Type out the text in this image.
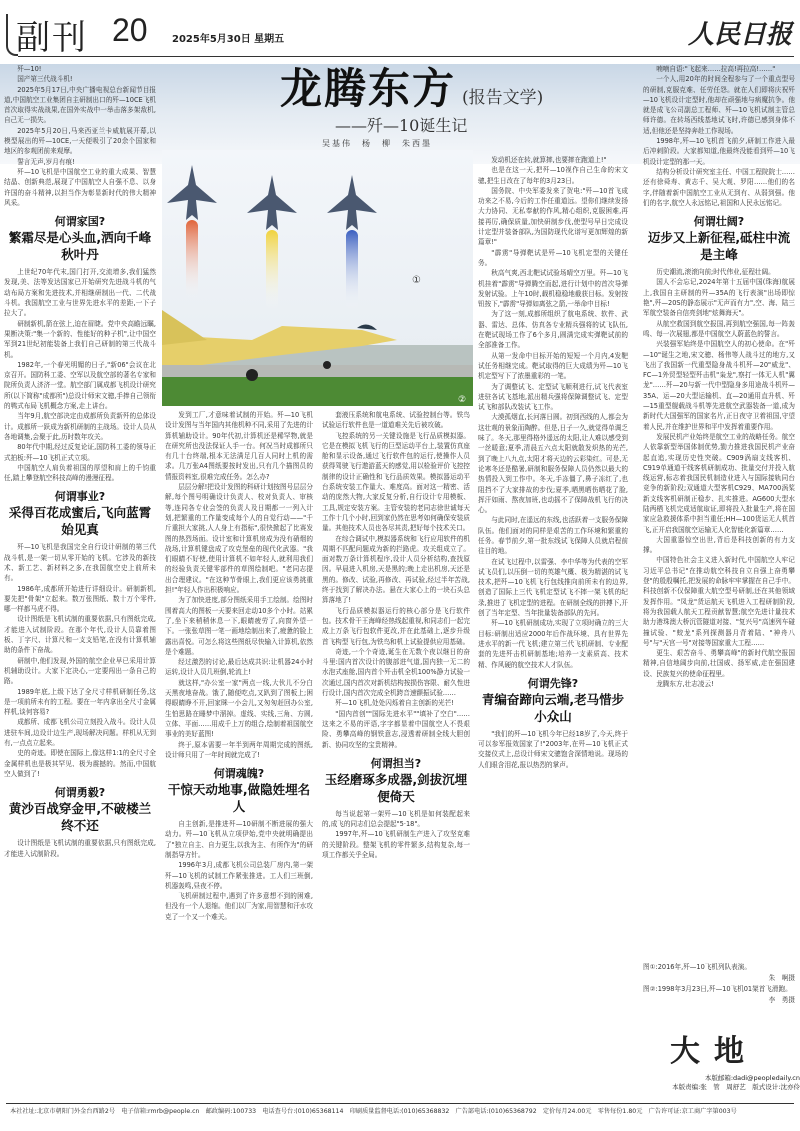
副刊 20 2025年5月30日 星期五	人民日报
龙腾东方 (报告文学)
——歼—10诞生记
吴基伟　杨　柳　朱西墨
①
②

歼—10!

国产第三代战斗机!

2025年5月17日,中央广播电视总台新闻节目报道,中国航空工业集团自主研制出口的歼—10CE飞机首次取得实战战果,在国外实战中一举击落多架敌机,自己无一损失。

2025年5月20日,马来西亚兰卡威航展开幕,以模型展出的歼—10CE,一天便吸引了20余个国家和地区的参观团前来观摩。

誓言无声,岁月有痕!

歼—10飞机是中国航空工业的重大成果、智慧结晶、创新典范,展现了中国航空人自强不息、以身许国的奋斗精神,以担当作为彰显新时代的伟大精神风采。

何谓家国?
繁霜尽是心头血,洒向千峰秋叶丹

上世纪70年代末,国门打开,交流增多,我们猛然发现,美、法等发达国家已开始研究先进战斗机的气动布局方案和先进技术,并相继研制出一代、二代战斗机。我国航空工业与世界先进水平的差距,一下子拉大了。

研制新机,箭在弦上,迫在眉睫。党中央高瞻远瞩,果断决策:"集一个新的、性能好的种子机",让中国空军到21世纪初能装备上我们自己研制的第三代战斗机。

1982年,一个春光明媚的日子,"新06"会议在北京召开。国防科工委、空军以及航空部的著名专家和院所负责人济济一堂。航空部门属成都飞机设计研究所(以下简称"成都所")总设计师宋文骢,手捧自己领衔的鸭式布局飞机概念方案,走上讲台。

当年9月,航空部决定由成都所负责新歼的总体设计。成都所一跃成为新机研制的主战场。设计人员从各地调集,会聚于此,历时数年攻关。

80年代中期,经过反复论证,国防科工委的领导正式拍板:歼—10飞机正式立项。

中国航空人肩负着祖国的厚望和肩上的千钧重任,踏上攀登航空科技高峰的漫漫征程。

何谓事业?
采得百花成蜜后,飞向蓝霄始见真

歼—10飞机是我国完全自行设计研制的第三代战斗机,是一架一切从零开始的飞机。它涉及的新技术、新工艺、新材料之多,在我国航空史上前所未有。

1986年,成都所开始进行详细设计。研制新机,要先把"骨架"立起来。数万张图纸、数十万个零件,哪一样都马虎不得。

设计图纸是飞机试制的重要依据,只有图纸完成,才能进入试制阶段。在那个年代,设计人员靠着图板、丁字尺、计算尺和一支支铅笔,在没有计算机辅助的条件下奋战。

研制中,他们发现,外国的航空企业早已采用计算机辅助设计。大家下定决心,一定要闯出一条自己的路。

1989年底,上级下达了全尺寸样机研制任务,这是一项前所未有的工程。要在一年内拿出全尺寸金属样机,谈何容易?

成都所、成都飞机公司立刻投入战斗。设计人员进驻车间,边设计边生产,现场解决问题。样机从无到有,一点点立起来。

史的奇迹。即使在国际上,像这样1:1的全尺寸全金属样机也是极其罕见、极为震撼的。然而,中国航空人做到了!

何谓勇毅?
黄沙百战穿金甲,不破楼兰终不还

设计图纸是飞机试制的重要依据,只有图纸完成,才能进入试制阶段。

发到工厂,才意味着试制的开始。歼—10飞机设计发图与当年国内其他机种不同,采用了先进的计算机辅助设计。90年代初,计算机还是稀罕物,就是在研究所也没法保证人手一台。何况当时成都所只有几十台终端,根本无法满足几百人同时上机的需求。几万张A4图纸要按时发出,只有几个描图员的情报资料室,很难完成任务。怎么办?

层层分解!把设计发图的科研计划按图号层层分解,每个图号明确设计负责人、校对负责人、审核等,连同各专业会签的负责人及日期都一一列入计划,把繁重的工作量变成每个人的自觉行动——"千斤重担大家挑,人人身上有指标",很快掀起了比赛发图的热烈场面。设计室和计算机房成为没有硝烟的战场,计算机键盘成了攻克堡垒的现代化武器。"我们眼睛不好使,使用计算机不如年轻人,就利用我们的经验负责关键零部件的草图绘制吧。"老同志提出合理建议。"在这种节骨眼上,我们更应该勇挑重担!"年轻人作出积极响应。

为了加快进度,部分图纸采用手工绘制。绘图时围着高大的图板一天要来回走动10多个小时。站累了,坐下来稍稍休息一下,眼睛疲劳了,向窗外望一下。一张张草图一笔一画地绘制出来了,疲惫的脸上露出喜悦。可怎么将这些图纸尽快输入计算机,依然是个难题。

经过激烈的讨论,最后达成共识:让机器24小时运转,设计人员几班倒,轮流上!

就这样,"办公室一家"两点一线,大伙儿不分白天黑夜地奋战。饿了,随便吃点,又趴到了图板上;困得眼睛睁不开,回家眯一小会儿,又匆匆赶回办公室,生怕思路在睡梦中溜掉。虚线、实线,三角、方圆,立体、平面……用成千上万的组合,绘制着祖国航空事业的美好蓝图!

终于,原本需要一年半到两年周期完成的图纸,设计师只用了一年时间就完成了!

何谓魂魄?
干惊天动地事,做隐姓埋名人

自主创新,是推进歼—10研制不断进展的强大动力。歼—10飞机从立项伊始,党中央就明确提出了"独立自主、自力更生,以我为主、有所作为"的研制指导方针。

1996年3月,成都飞机公司总装厂房内,第一架歼—10飞机的试制工作紧张推进。工人们三班倒,机器轰鸣,昼夜不停。

飞机研制过程中,遇到了许多意想不到的困难,但没有一个人退缩。他们以厂为家,用智慧和汗水攻克了一个又一个难关。

套液压系统和航电系统、试验控制台等。铁鸟试验运行软件也是一道道难关先后被攻破。

飞控系统的另一关键设施是飞行品质模拟器。它是在模拟飞机飞行的巨型运动平台上,装置仿真座舱和显示设备,通过飞行软件包的运行,使操作人员获得驾驶飞行遨游蓝天的感觉,用以检验评价飞控控制律的设计正确性和飞行品质效果。模拟器运动平台系统安装工作量大、难度高。面对这一精密、活动的庞然大物,大家反复分析,自行设计专用模板、工具,规定安装方案。主管安装的老同志徐世诚每天工作十几个小时,回到家仍然在思考如何确保安装质量。其他技术人员也各尽其责,把好每个技术关口。

在综合调试中,模拟器系统和飞行应用软件的机周期不匹配问题成为新的拦路虎。攻关组成立了。面对数万条计算机程序,设计人员分析结构,查找原因。早晨进入机房,天是黑的;晚上走出机房,天还是黑的。修改、试验,再修改、再试验,经过半年苦战,终于找到了解决办法。悬在大家心上的一块石头总算落地了!

飞行品质模拟器运行的核心部分是飞行软件包。技术骨干王海峰经热线起重视,和同志们一起完成上万条飞行包软件更改,并在此基础上,逐步升级首飞构型飞行包,为铁鸟和机上试验提供应用基础。

奇迹,一个个奇迹,诞生在无数个夜以继日的奋斗里:国内首次设计的腹部进气道,国内独一无二的水泡式座舱,国内首个歼击机全机100%静力试验一次通过,国内首次对新机结构按损伤容限、耐久性进行设计,国内首次完成全机跨音速颤振试验……

歼—10飞机,处处闪烁着自主创新的光芒!

"国内首创""国际先进水平""填补了空白"……这来之不易的评语,字字都显着中国航空人不畏艰险、勇攀高峰的钢铁意志,浸透着研制全线大胆创新、协同攻坚的宝贵精神。

何谓担当?
玉经磨琢多成器,剑拔沉埋便倚天

每当说起第一架歼—10飞机是如何装配起来的,成飞的同志们总会提起"5·18"。

1997年,歼—10飞机研制生产进入了攻坚克难的关键阶段。整架飞机的零件繁多,结构复杂,每一项工作都关乎全局。

发动机还在转,就算摔,也要摔在跑道上!"

也是在这一天,把歼—10视作自己生命的宋文骢,把生日改在了每年的3月23日。

国务院、中央军委发来了贺电:"歼—10首飞成功来之不易,今后的工作任重道远。望你们继续发扬大力协同、无私奉献的作风,精心组织,克服困难,再接再厉,确保质量,加快研制步伐,使型号早日完成设计定型并装备部队,为国防现代化谱写更加辉煌的新篇章!"

"霹雳"导弹靶试是歼—10飞机定型的关键任务。

秋高气爽,西北靶试试验场晴空万里。歼—10飞机挂着"霹雳"导弹腾空而起,进行计划中的首次导弹发射试验。上午10时,载机稳稳地截获目标。发射按钮按下,"霹雳"导弹如离弦之箭,一举命中目标!

为了这一刻,成都所组织了航电系统、软件、武器、雷达、总体、仿真各专业精兵强将的试飞队伍,在靶试现场工作了6个多月,圆满完成实弹靶试前的全部准备工作。

从第一发命中目标开始的短短一个月内,4发靶试任务相继完成。靶试取得的巨大成绩为歼—10飞机定型写下了浓墨重彩的一笔。

为了调整试飞、定型试飞顺利进行,试飞代表室进驻各试飞基地,派出精兵强将保障调整试飞、定型试飞和部队改装试飞工作。

大漠孤烟直,长河落日圆。初到西线的人,都会为这壮观的景象而陶醉。但是,日子一久,就觉得单调乏味了。冬天,那里得格外遥远的太阳,让人难以感受到一丝暖意;夏季,清晨五六点太阳就散发炽热的光芒,到了晚上八九点,太阳才将天边的云彩染红。可是,无论寒冬还是酷暑,研制和服务保障人员仍然以最大的热情投入到工作中。冬天,手冻僵了,鼻子冻红了,也阻挡不了大家排故的步伐;夏季,晒黑晒伤晒花了脸,挥汗如雨、熬夜加班,也动摇不了保障战机飞行的决心。

与此同时,在遥远的东线,也活跃着一支服务保障队伍。他们面对的同样是艰苦的工作环境和繁重的任务。春节前夕,第一批东线试飞保障人员就启程前往目的地。

在试飞过程中,以雷强、李中华等为代表的空军试飞员们,以压倒一切的英雄气概、极为精湛的试飞技术,把歼—10飞机飞行包线推向前所未有的边界,创造了国际上三代飞机定型试飞不摔一架飞机的纪录,推进了飞机定型的进程。在研制全线的拼搏下,开创了当年定型、当年批量装备部队的先河。

歼—10飞机研制成功,实现了立项时确立的三大目标:研制出适应2000年后作战环境、具有世界先进水平的新一代飞机;建立第三代飞机研制、专业配套的先进歼击机研制基地;培养一支素质高、技术精、作风硬的航空技术人才队伍。

何谓先锋?
青编奋蹄向云端,老马惜步小众山

"我们的歼—10飞机今年已经18岁了,今天,终于可以参军报效国家了!"2003年,在歼—10飞机正式交接仪式上,总设计师宋文骢饱含深情地说。现场的人们眼含泪花,报以热烈的掌声。

喃喃自语:"飞起来……拉高!再拉高!……"

一个人,用20年的时间全程参与了一个重点型号的研制,克服克难、任劳任怨。就在人们即将庆祝歼—10飞机设计定型时,他却在顽强地与病魔抗争。他就是成飞公司副总工程师、歼—10飞机试制主管总师许德。在转场西线基地试飞时,许德已感到身体不适,但他还是坚持奔赴工作现场。

1998年,歼—10飞机首飞前夕,研制工作进入最后冲刺阶段。大家都知道,他最终没能看到歼—10飞机设计定型的那一天。

结构分析设计研究室主任、中国工程院院士……还有徐舜寿、黄志千、吴大观、罗阳……他们的名字,伴随着新中国航空工业从无到有、从弱到强。他们的名字,航空人永远铭记,祖国和人民永远铭记。

何谓壮阔?
迈步又上新征程,砥柱中流是主峰

历史潮流,滚滚向前;时代伟业,征程壮阔。

国人不会忘记,2024年第十五届中国(珠海)航展上,我国自主研制的歼—35A的飞行表演"出场即惊艳",歼—20S的静态展示"无声而有力",空、海、陆三军航空装备自信亮剑地"炫舞海天"。

从航空救国到航空报国,再到航空强国,每一阵轰鸣、每一次展翅,都是中国航空人蔚蓝色的誓言。

兴装强军始终是中国航空人的初心使命。在"歼—10"诞生之地,宋文骢、杨伟等人战斗过的地方,又飞出了我国新一代重型隐身战斗机歼—20"威龙"、FC—1外贸型轻型歼击机"枭龙",察打一体无人机"翼龙"……歼—20与新一代中型隐身多用途战斗机歼—35A、运—20大型运输机、直—20通用直升机、歼—15重型舰载战斗机等先进航空武器装备一道,成为新时代大国强军的国家名片,正日夜守卫着祖国,守望着人民,并在维护世界和平中发挥着重要作用。

发展民机产业始终是航空工业的战略任务。航空人依靠新型举国体制优势,勠力推进我国民机产业奋起直追,实现历史性突破。C909涡扇支线客机、C919单通道干线客机研制成功、批量交付并投入航线运营,标志着我国民机制造业进入与国际接轨同台竞争的新阶段;双通道大型客机C929、MA700涡桨新支线客机研制正稳步、扎实推进。AG600大型水陆两栖飞机完成适航取证,即将投入批量生产,将在国家应急救援体系中担当重任;HH—100货运无人机首飞,正开启我国航空运输无人化智能化新篇章……

大国重器惊空出世,背后是科技创新的有力支撑。

中国特色社会主义进入新时代,中国航空人牢记习近平总书记"在推动航空科技自立自强上奋勇攀登"的殷殷嘱托,把发展的命脉牢牢掌握在自己手中。科技创新不仅保障重大航空型号研制,还在其他领域发挥作用。"凤龙"货运航天飞机进入工程研制阶段,将为我国载人航天工程贡献智慧;航空先进计量技术助力港珠澳大桥沉管隧道对接、"复兴号"高速列车碰撞试验、"蛟龙"系列探测器月背着陆、"神舟八号"与"天宫一号"对接等国家重大工程……

更生、艰苦奋斗、勇攀高峰"的新时代航空报国精神,自信地阔步向前,壮国威、扬军威,走在强国建设、民族复兴的使命征程里。

龙腾东方,壮志凌云!

图①:2016年,歼—10飞机列队表演。
朱　啊摄
图②:1998年3月23日,歼—10飞机01架首飞滑跑。
李　勇摄
大地
本版邮箱:dadi@peopledaily.cn
本版责编:张　管　周舒艺　版式设计:沈亦伶
本社社址:北京市朝阳门外金台西路2号　电子信箱:rmrb@people.cn　邮政编码:100733　电话查号台:(010)65368114　印刷质量监督电话:(010)65368832　广告部电话:(010)65368792　定价每月24.00元　零售每份1.80元　广告许可证:京工商广字第003号
